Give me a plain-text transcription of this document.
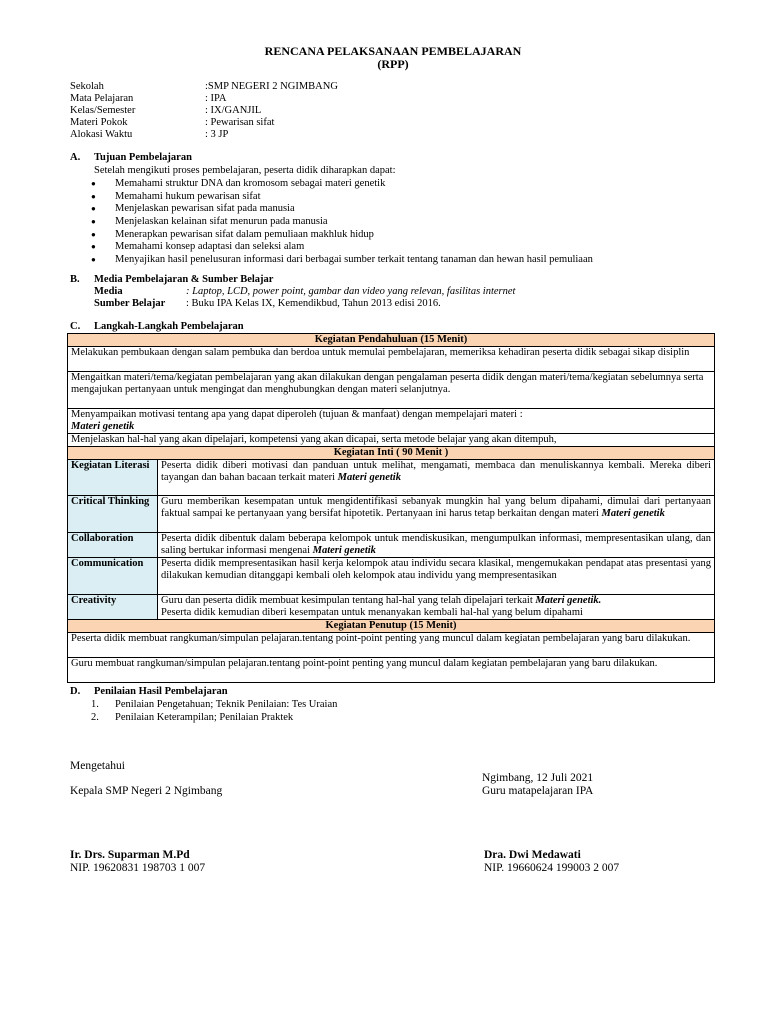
RENCANA PELAKSANAAN PEMBELAJARAN
(RPP)
Sekolah	:SMP NEGERI 2 NGIMBANG
Mata Pelajaran	: IPA
Kelas/Semester	: IX/GANJIL
Materi Pokok	: Pewarisan sifat
Alokasi Waktu	: 3 JP
A. Tujuan Pembelajaran
Setelah mengikuti proses pembelajaran, peserta didik diharapkan dapat:
● Memahami struktur DNA dan kromosom sebagai materi genetik
● Memahami hukum pewarisan sifat
● Menjelaskan pewarisan sifat pada manusia
● Menjelaskan kelainan sifat menurun pada manusia
● Menerapkan pewarisan sifat dalam pemuliaan makhluk hidup
● Memahami konsep adaptasi dan seleksi alam
● Menyajikan hasil penelusuran informasi dari berbagai sumber terkait tentang tanaman dan hewan hasil pemuliaan
B. Media Pembelajaran & Sumber Belajar
Media	: Laptop, LCD, power point, gambar dan video yang relevan, fasilitas internet
Sumber Belajar : Buku IPA Kelas IX, Kemendikbud, Tahun 2013 edisi 2016.
C. Langkah-Langkah Pembelajaran
Kegiatan Pendahuluan (15 Menit)	
Melakukan pembukaan dengan salam pembuka dan berdoa untuk memulai pembelajaran, memeriksa kehadiran peserta didik sebagai sikap disiplin	
Mengaitkan materi/tema/kegiatan pembelajaran yang akan dilakukan dengan pengalaman peserta didik dengan materi/tema/kegiatan sebelumnya serta mengajukan pertanyaan untuk mengingat dan menghubungkan dengan materi selanjutnya.	

Menyampaikan motivasi tentang apa yang dapat diperoleh (tujuan & manfaat) dengan mempelajari materi :
Materi genetik	

Menjelaskan hal-hal yang akan dipelajari, kompetensi yang akan dicapai, serta metode belajar yang akan ditempuh,	
Kegiatan Inti ( 90 Menit )	
Kegiatan Literasi	Peserta didik diberi motivasi dan panduan untuk melihat, mengamati, membaca dan menuliskannya kembali. Mereka diberi tayangan dan bahan bacaan terkait materi Materi genetik
Critical Thinking	Guru memberikan kesempatan untuk mengidentifikasi sebanyak mungkin hal yang belum dipahami, dimulai dari pertanyaan faktual sampai ke pertanyaan yang bersifat hipotetik. Pertanyaan ini harus tetap berkaitan dengan materi Materi genetik
Collaboration	Peserta didik dibentuk dalam beberapa kelompok untuk mendiskusikan, mengumpulkan informasi, mempresentasikan ulang, dan saling bertukar informasi mengenai Materi genetik
Communication	Peserta didik mempresentasikan hasil kerja kelompok atau individu secara klasikal, mengemukakan pendapat atas presentasi yang dilakukan kemudian ditanggapi kembali oleh kelompok atau individu yang mempresentasikan
Creativity	Guru dan peserta didik membuat kesimpulan tentang hal-hal yang telah dipelajari terkait Materi genetik.
Peserta didik kemudian diberi kesempatan untuk menanyakan kembali hal-hal yang belum dipahami

Kegiatan Penutup (15 Menit)	
Peserta didik membuat rangkuman/simpulan pelajaran.tentang point-point penting yang muncul dalam kegiatan pembelajaran yang baru dilakukan.	
Guru membuat rangkuman/simpulan pelajaran.tentang point-point penting yang muncul dalam kegiatan pembelajaran yang baru dilakukan.	
D. Penilaian Hasil Pembelajaran
1. Penilaian Pengetahuan; Teknik Penilaian: Tes Uraian
2. Penilaian Keterampilan; Penilaian Praktek
Mengetahui
Ngimbang, 12 Juli 2021
Kepala SMP Negeri 2 Ngimbang	Guru matapelajaran IPA
Ir. Drs. Suparman M.Pd
NIP. 19620831 198703 1 007
Dra. Dwi Medawati
NIP. 19660624 199003 2 007
